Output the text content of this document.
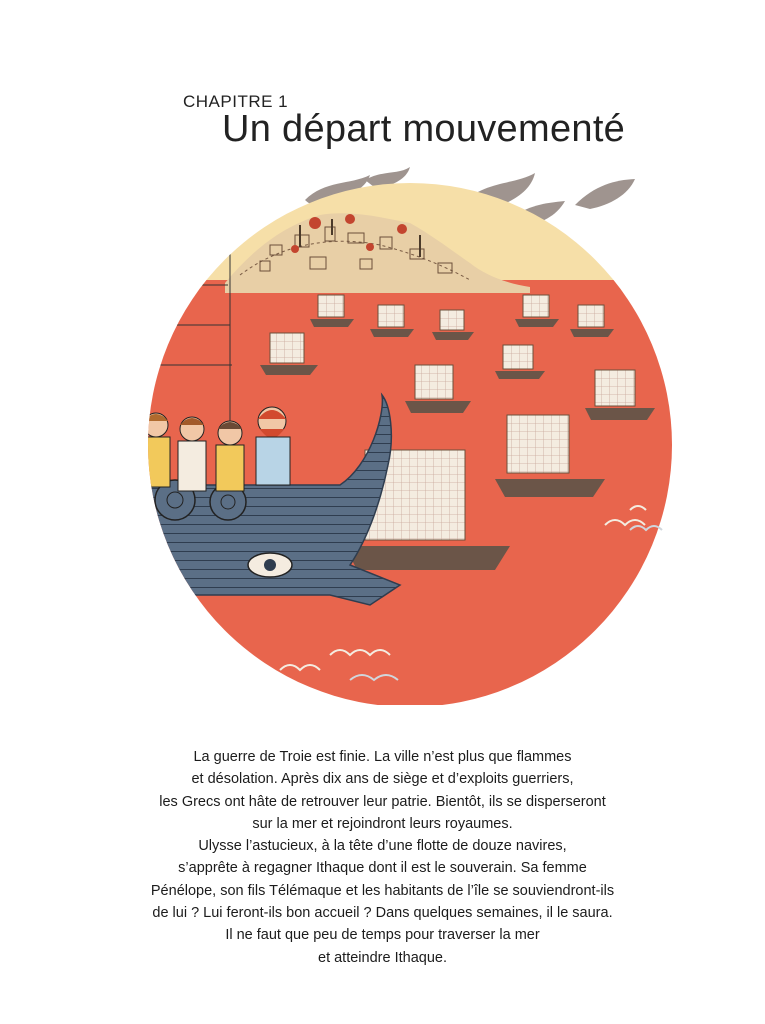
CHAPITRE 1
Un départ mouvementé

La guerre de Troie est finie. La ville n’est plus que flammes

et désolation. Après dix ans de siège et d’exploits guerriers,

les Grecs ont hâte de retrouver leur patrie. Bientôt, ils se disperseront

sur la mer et rejoindront leurs royaumes.

Ulysse l’astucieux, à la tête d’une flotte de douze navires,

s’apprête à regagner Ithaque dont il est le souverain. Sa femme

Pénélope, son fils Télémaque et les habitants de l’île se souviendront-ils

de lui ? Lui feront-ils bon accueil ? Dans quelques semaines, il le saura.

Il ne faut que peu de temps pour traverser la mer

et atteindre Ithaque.
